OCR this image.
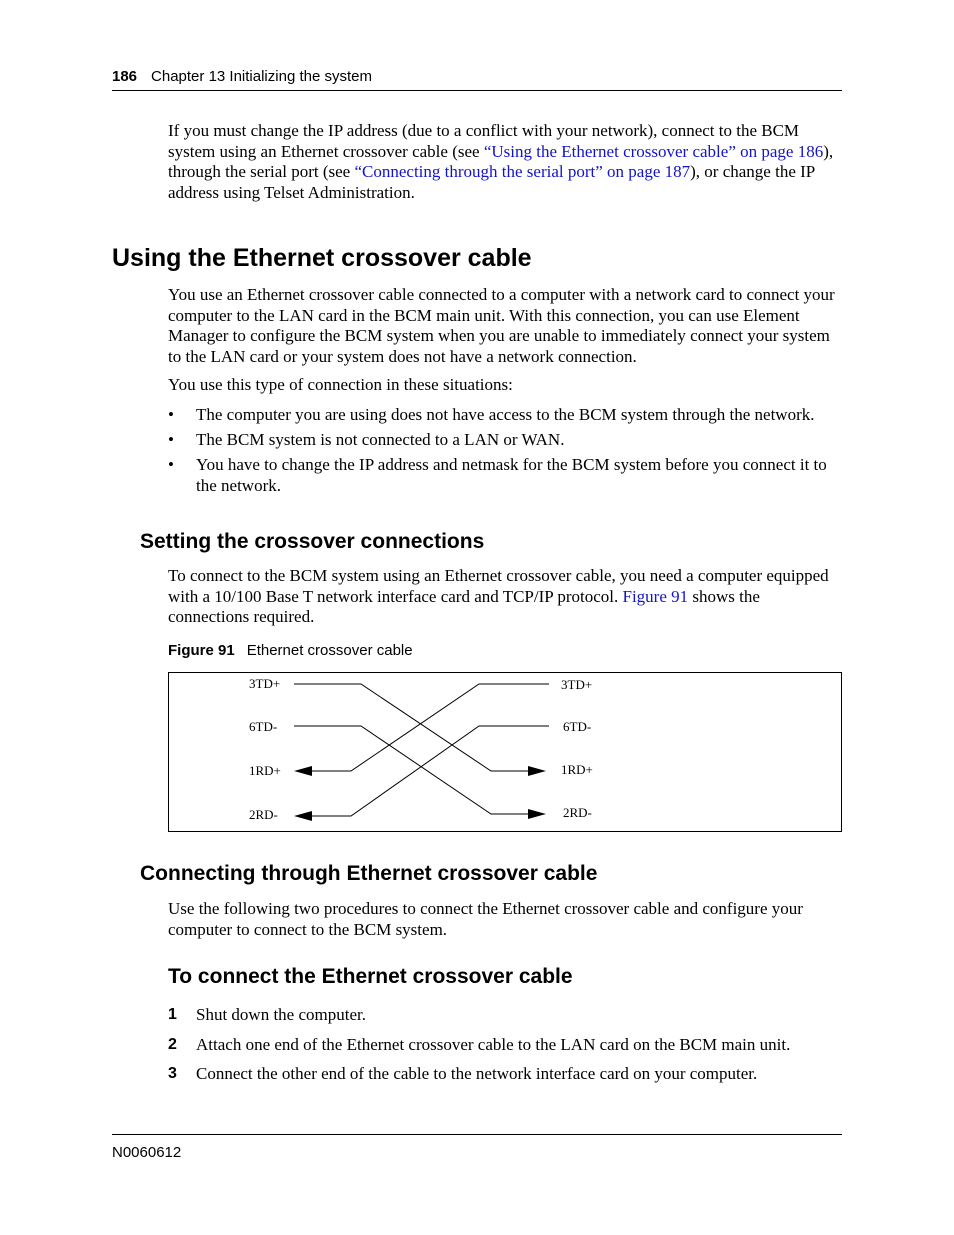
186 Chapter 13 Initializing the system
If you must change the IP address (due to a conflict with your network), connect to the BCM system using an Ethernet crossover cable (see “Using the Ethernet crossover cable” on page 186), through the serial port (see “Connecting through the serial port” on page 187), or change the IP address using Telset Administration.
Using the Ethernet crossover cable
You use an Ethernet crossover cable connected to a computer with a network card to connect your computer to the LAN card in the BCM main unit. With this connection, you can use Element Manager to configure the BCM system when you are unable to immediately connect your system to the LAN card or your system does not have a network connection.
You use this type of connection in these situations:
• The computer you are using does not have access to the BCM system through the network.
• The BCM system is not connected to a LAN or WAN.
• You have to change the IP address and netmask for the BCM system before you connect it to the network.
Setting the crossover connections
To connect to the BCM system using an Ethernet crossover cable, you need a computer equipped with a 10/100 Base T network interface card and TCP/IP protocol. Figure 91 shows the connections required.
Figure 91 Ethernet crossover cable
3TD+
6TD-
1RD+
2RD-
3TD+
6TD-
1RD+
2RD-
Connecting through Ethernet crossover cable
Use the following two procedures to connect the Ethernet crossover cable and configure your computer to connect to the BCM system.
To connect the Ethernet crossover cable
1 Shut down the computer.
2 Attach one end of the Ethernet crossover cable to the LAN card on the BCM main unit.
3 Connect the other end of the cable to the network interface card on your computer.
N0060612
